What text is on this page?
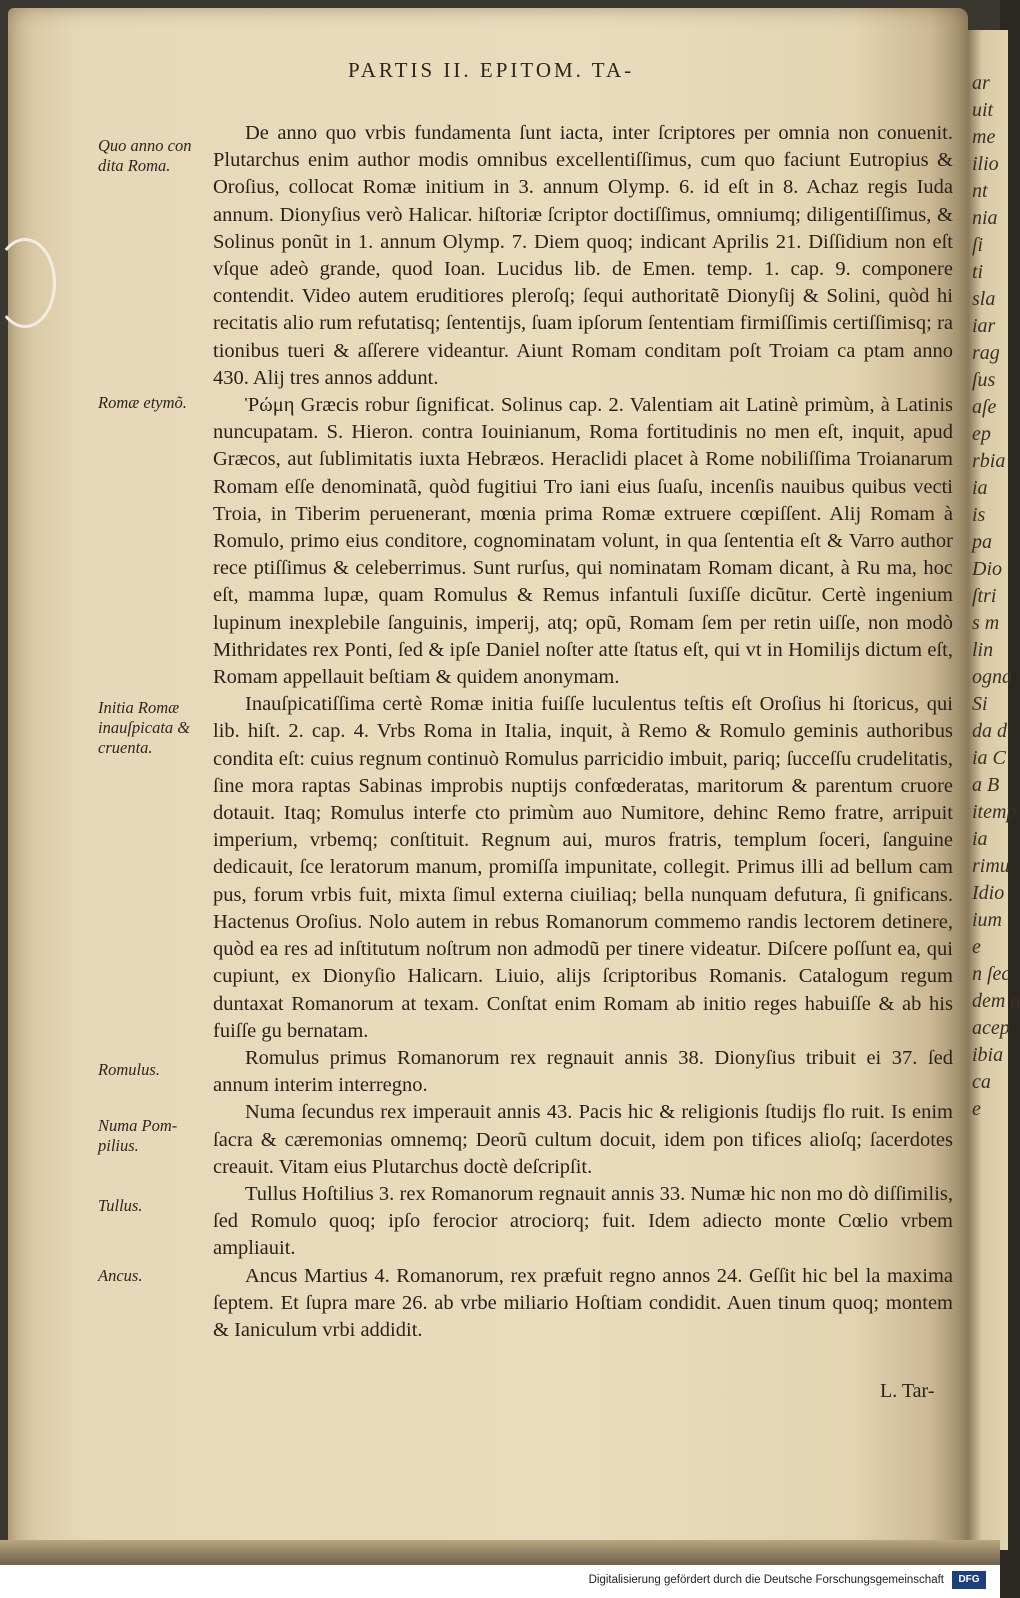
PARTIS II. EPITOM. TA-
Quo anno con dita Roma.
Romæ etymõ.
Initia Romæ inauſpicata & cruenta.
Romulus.
Numa Pom- pilius.
Tullus.
Ancus.

De anno quo vrbis fundamenta ſunt iacta, inter ſcriptores per omnia non conuenit. Plutarchus enim author modis omnibus excellentiſſimus, cum quo faciunt Eutropius & Oroſius, collocat Romæ initium in 3. annum Olymp. 6. id eſt in 8. Achaz regis Iuda annum. Dionyſius verò Halicar. hiſtoriæ ſcriptor doctiſſimus, omniumq; diligentiſſimus, & Solinus ponũt in 1. annum Olymp. 7. Diem quoq; indicant Aprilis 21. Diſſidium non eſt vſque adeò grande, quod Ioan. Lucidus lib. de Emen. temp. 1. cap. 9. componere contendit. Video autem eruditiores pleroſq; ſequi authoritatẽ Dionyſij & Solini, quòd hi recitatis alio rum refutatisq; ſententijs, ſuam ipſorum ſententiam firmiſſimis certiſſimisq; ra tionibus tueri & aſſerere videantur. Aiunt Romam conditam poſt Troiam ca ptam anno 430. Alij tres annos addunt.

Ῥώμη Græcis robur ſignificat. Solinus cap. 2. Valentiam ait Latinè primùm, à Latinis nuncupatam. S. Hieron. contra Iouinianum, Roma fortitudinis no men eſt, inquit, apud Græcos, aut ſublimitatis iuxta Hebræos. Heraclidi placet à Rome nobiliſſima Troianarum Romam eſſe denominatã, quòd fugitiui Tro iani eius ſuaſu, incenſis nauibus quibus vecti Troia, in Tiberim peruenerant, mœnia prima Romæ extruere cœpiſſent. Alij Romam à Romulo, primo eius conditore, cognominatam volunt, in qua ſententia eſt & Varro author rece ptiſſimus & celeberrimus. Sunt rurſus, qui nominatam Romam dicant, à Ru ma, hoc eſt, mamma lupæ, quam Romulus & Remus infantuli ſuxiſſe dicũtur. Certè ingenium lupinum inexplebile ſanguinis, imperij, atq; opũ, Romam ſem per retin uiſſe, non modò Mithridates rex Ponti, ſed & ipſe Daniel noſter atte ſtatus eſt, qui vt in Homilijs dictum eſt, Romam appellauit beſtiam & quidem anonymam.

Inauſpicatiſſima certè Romæ initia fuiſſe luculentus teſtis eſt Oroſius hi ſtoricus, qui lib. hiſt. 2. cap. 4. Vrbs Roma in Italia, inquit, à Remo & Romulo geminis authoribus condita eſt: cuius regnum continuò Romulus parricidio imbuit, pariq; ſucceſſu crudelitatis, ſine mora raptas Sabinas improbis nuptijs confœderatas, maritorum & parentum cruore dotauit. Itaq; Romulus interfe cto primùm auo Numitore, dehinc Remo fratre, arripuit imperium, vrbemq; conſtituit. Regnum aui, muros fratris, templum ſoceri, ſanguine dedicauit, ſce leratorum manum, promiſſa impunitate, collegit. Primus illi ad bellum cam pus, forum vrbis fuit, mixta ſimul externa ciuiliaq; bella nunquam defutura, ſi gnificans. Hactenus Oroſius. Nolo autem in rebus Romanorum commemo randis lectorem detinere, quòd ea res ad inſtitutum noſtrum non admodũ per tinere videatur. Diſcere poſſunt ea, qui cupiunt, ex Dionyſio Halicarn. Liuio, alijs ſcriptoribus Romanis. Catalogum regum duntaxat Romanorum at texam. Conſtat enim Romam ab initio reges habuiſſe & ab his fuiſſe gu bernatam.

Romulus primus Romanorum rex regnauit annis 38. Dionyſius tribuit ei 37. ſed annum interim interregno.

Numa ſecundus rex imperauit annis 43. Pacis hic & religionis ſtudijs flo ruit. Is enim ſacra & cæremonias omnemq; Deorũ cultum docuit, idem pon tifices alioſq; ſacerdotes creauit. Vitam eius Plutarchus doctè deſcripſit.

Tullus Hoſtilius 3. rex Romanorum regnauit annis 33. Numæ hic non mo dò diſſimilis, ſed Romulo quoq; ipſo ferocior atrociorq; fuit. Idem adiecto monte Cœlio vrbem ampliauit.

Ancus Martius 4. Romanorum, rex præfuit regno annos 24. Geſſit hic bel la maxima ſeptem. Et ſupra mare 26. ab vrbe miliario Hoſtiam condidit. Auen tinum quoq; montem & Ianiculum vrbi addidit.

L. Tar-
ar
uit
me
ilio
nt
nia
ſi
ti
sla
iar
rag
ſus
aſe
ep
rbia
ia
is
pa
Dio
ſtri
s m
lin
ogna
Si
da d
ia C
a B
itemp
ia
rimu
Idio
ium
e
n ſec
dem a
acep
ibia
ca
e
Digitalisierung gefördert durch die Deutsche Forschungsgemeinschaft	DFG
